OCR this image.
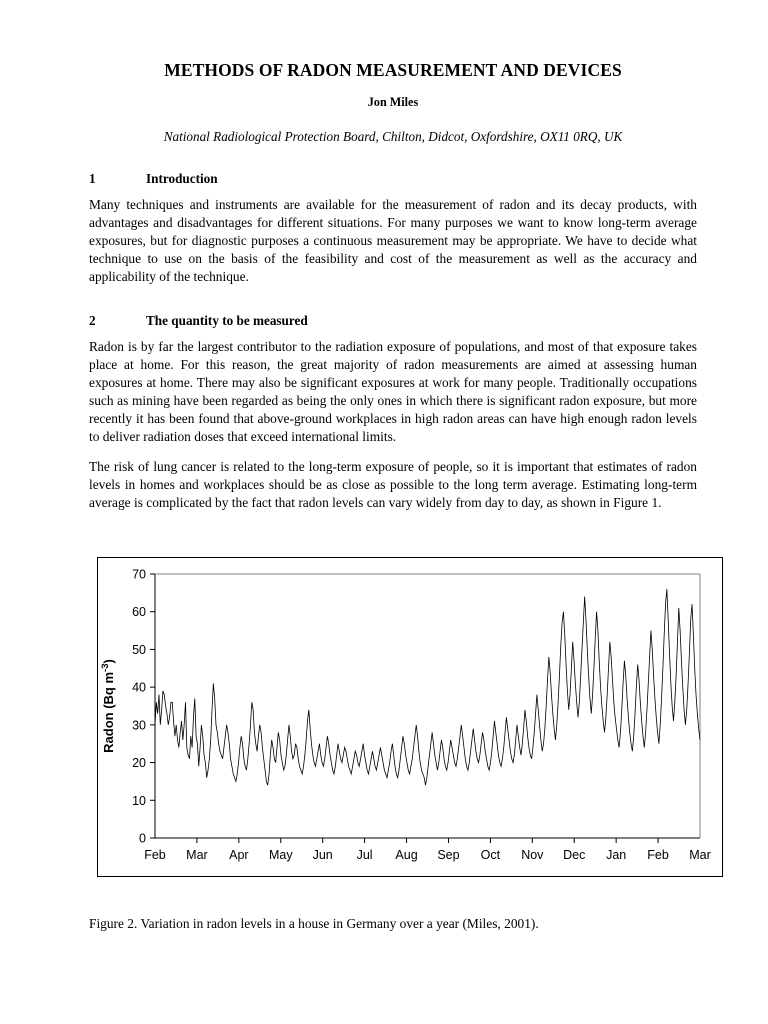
METHODS OF RADON MEASUREMENT AND DEVICES
Jon Miles
National Radiological Protection Board, Chilton, Didcot, Oxfordshire, OX11 0RQ, UK
1	Introduction

Many techniques and instruments are available for the measurement of radon and its decay products, with advantages and disadvantages for different situations. For many purposes we want to know long-term average exposures, but for diagnostic purposes a continuous measurement may be appropriate. We have to decide what technique to use on the basis of the feasibility and cost of the measurement as well as the accuracy and applicability of the technique.

2	The quantity to be measured

Radon is by far the largest contributor to the radiation exposure of populations, and most of that exposure takes place at home. For this reason, the great majority of radon measurements are aimed at assessing human exposures at home. There may also be significant exposures at work for many people. Traditionally occupations such as mining have been regarded as being the only ones in which there is significant radon exposure, but more recently it has been found that above-ground workplaces in high radon areas can have high enough radon levels to deliver radiation doses that exceed international limits.

The risk of lung cancer is related to the long-term exposure of people, so it is important that estimates of radon levels in homes and workplaces should be as close as possible to the long term average. Estimating long-term average is complicated by the fact that radon levels can vary widely from day to day, as shown in Figure 1.

0
10
20
30
40
50
60
70
Feb Mar Apr May Jun Jul Aug Sep Oct Nov Dec Jan Feb Mar
Radon (Bq $m^{-3}$)
Figure 2. Variation in radon levels in a house in Germany over a year (Miles, 2001).
